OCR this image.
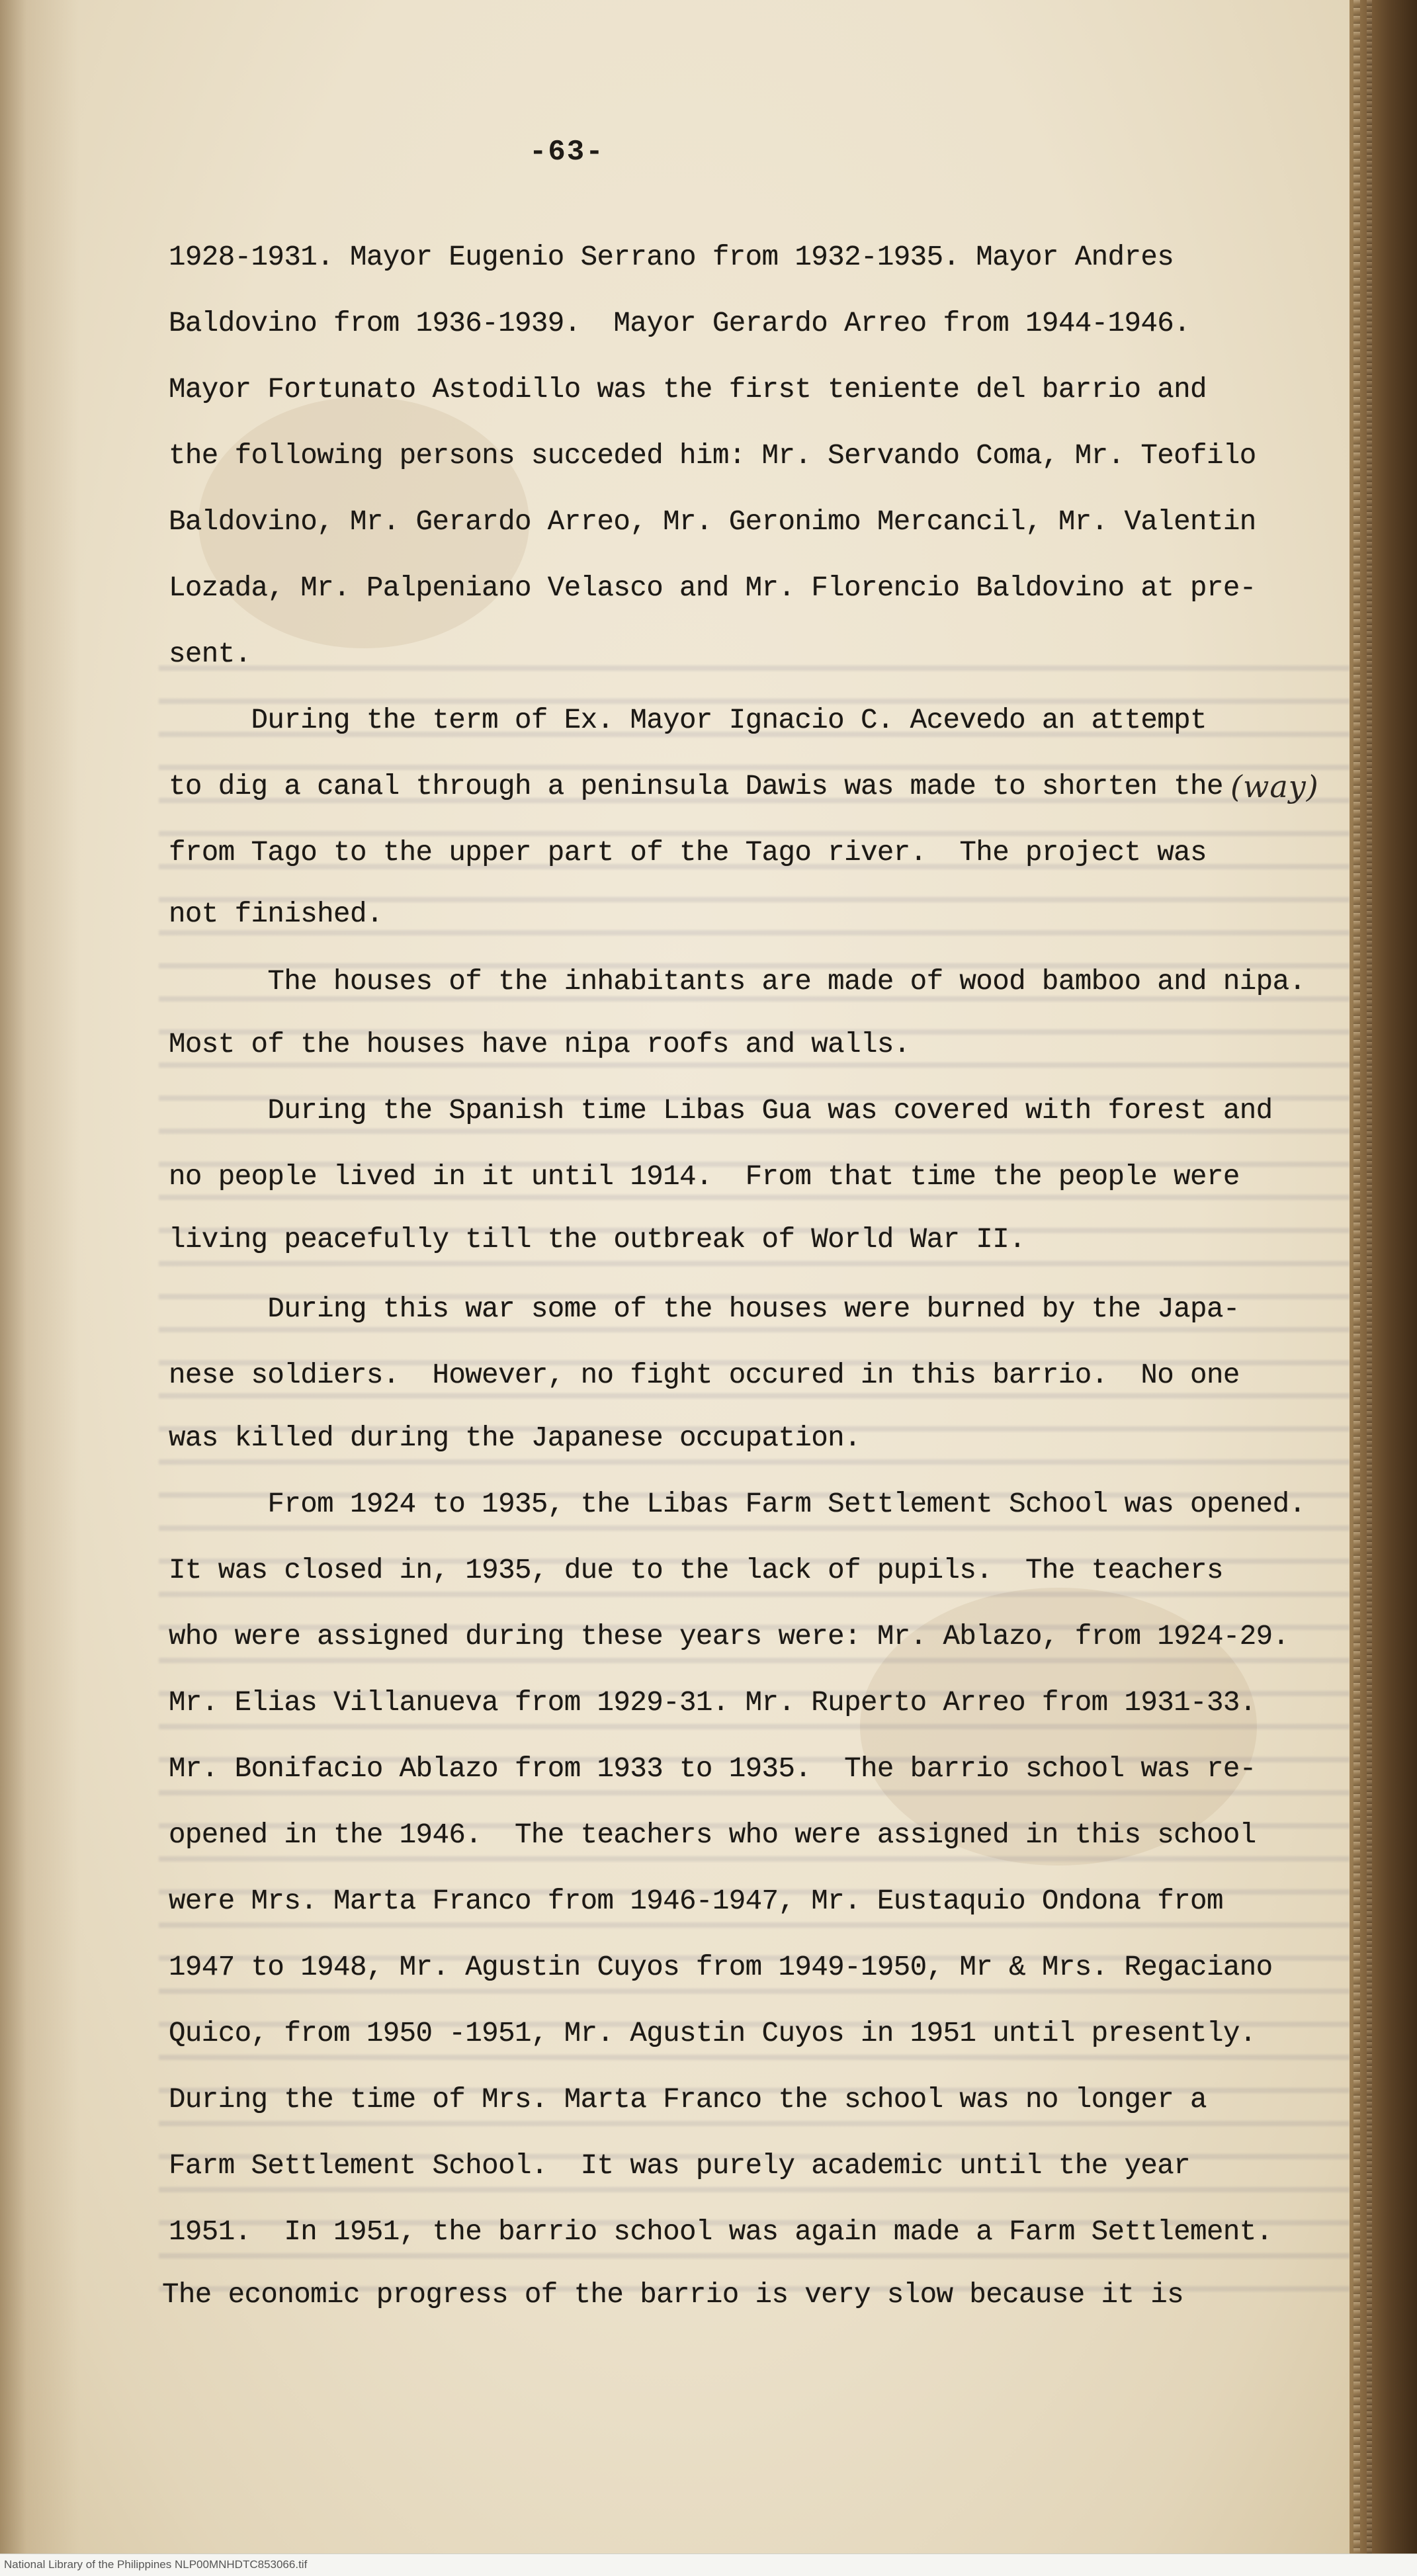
-63-
1928-1931. Mayor Eugenio Serrano from 1932-1935. Mayor Andres
Baldovino from 1936-1939.  Mayor Gerardo Arreo from 1944-1946.
Mayor Fortunato Astodillo was the first teniente del barrio and
the following persons succeded him: Mr. Servando Coma, Mr. Teofilo
Baldovino, Mr. Gerardo Arreo, Mr. Geronimo Mercancil, Mr. Valentin
Lozada, Mr. Palpeniano Velasco and Mr. Florencio Baldovino at pre-
sent.
During the term of Ex. Mayor Ignacio C. Acevedo an attempt
to dig a canal through a peninsula Dawis was made to shorten the (way)
from Tago to the upper part of the Tago river.  The project was
not finished.
The houses of the inhabitants are made of wood bamboo and nipa.
Most of the houses have nipa roofs and walls.
During the Spanish time Libas Gua was covered with forest and
no people lived in it until 1914.  From that time the people were
living peacefully till the outbreak of World War II.
During this war some of the houses were burned by the Japa-
nese soldiers.  However, no fight occured in this barrio.  No one
was killed during the Japanese occupation.
From 1924 to 1935, the Libas Farm Settlement School was opened.
It was closed in, 1935, due to the lack of pupils.  The teachers
who were assigned during these years were: Mr. Ablazo, from 1924-29.
Mr. Elias Villanueva from 1929-31. Mr. Ruperto Arreo from 1931-33.
Mr. Bonifacio Ablazo from 1933 to 1935.  The barrio school was re-
opened in the 1946.  The teachers who were assigned in this school
were Mrs. Marta Franco from 1946-1947, Mr. Eustaquio Ondona from
1947 to 1948, Mr. Agustin Cuyos from 1949-1950, Mr & Mrs. Regaciano
Quico, from 1950 -1951, Mr. Agustin Cuyos in 1951 until presently.
During the time of Mrs. Marta Franco the school was no longer a
Farm Settlement School.  It was purely academic until the year
1951.  In 1951, the barrio school was again made a Farm Settlement.
The economic progress of the barrio is very slow because it is
National Library of the Philippines NLP00MNHDTC853066.tif
